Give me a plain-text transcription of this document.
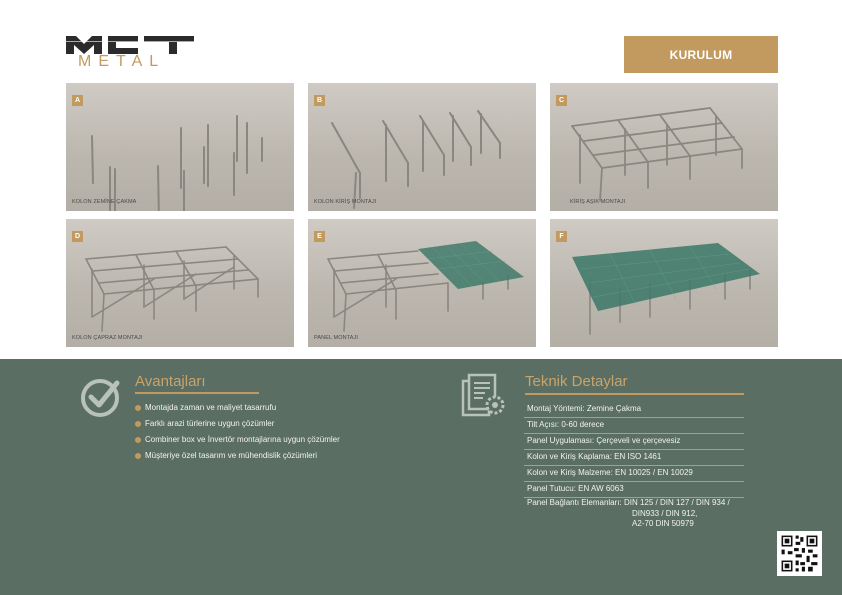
METAL	KURULUM
A
KOLON ZEMİNE ÇAKMA
B
KOLON KİRİŞ MONTAJI
C
KİRİŞ AŞIK MONTAJI
D
KOLON ÇAPRAZ MONTAJI
E
PANEL MONTAJI
F
Avantajları
Montajda zaman ve maliyet tasarrufu
Farklı arazi türlerine uygun çözümler
Combiner box ve İnvertör montajlarına uygun çözümler
Müşteriye özel tasarım ve mühendislik çözümleri
Teknik Detaylar
Montaj Yöntemi: Zemine Çakma
Tilt Açısı: 0-60 derece
Panel Uygulaması: Çerçeveli ve çerçevesiz
Kolon ve Kiriş Kaplama: EN ISO 1461
Kolon ve Kiriş Malzeme: EN 10025 / EN 10029
Panel Tutucu: EN AW 6063
Panel Bağlantı Elemanları: DIN 125 / DIN 127 / DIN 934 /
DIN933 / DIN 912,
A2-70 DIN 50979
